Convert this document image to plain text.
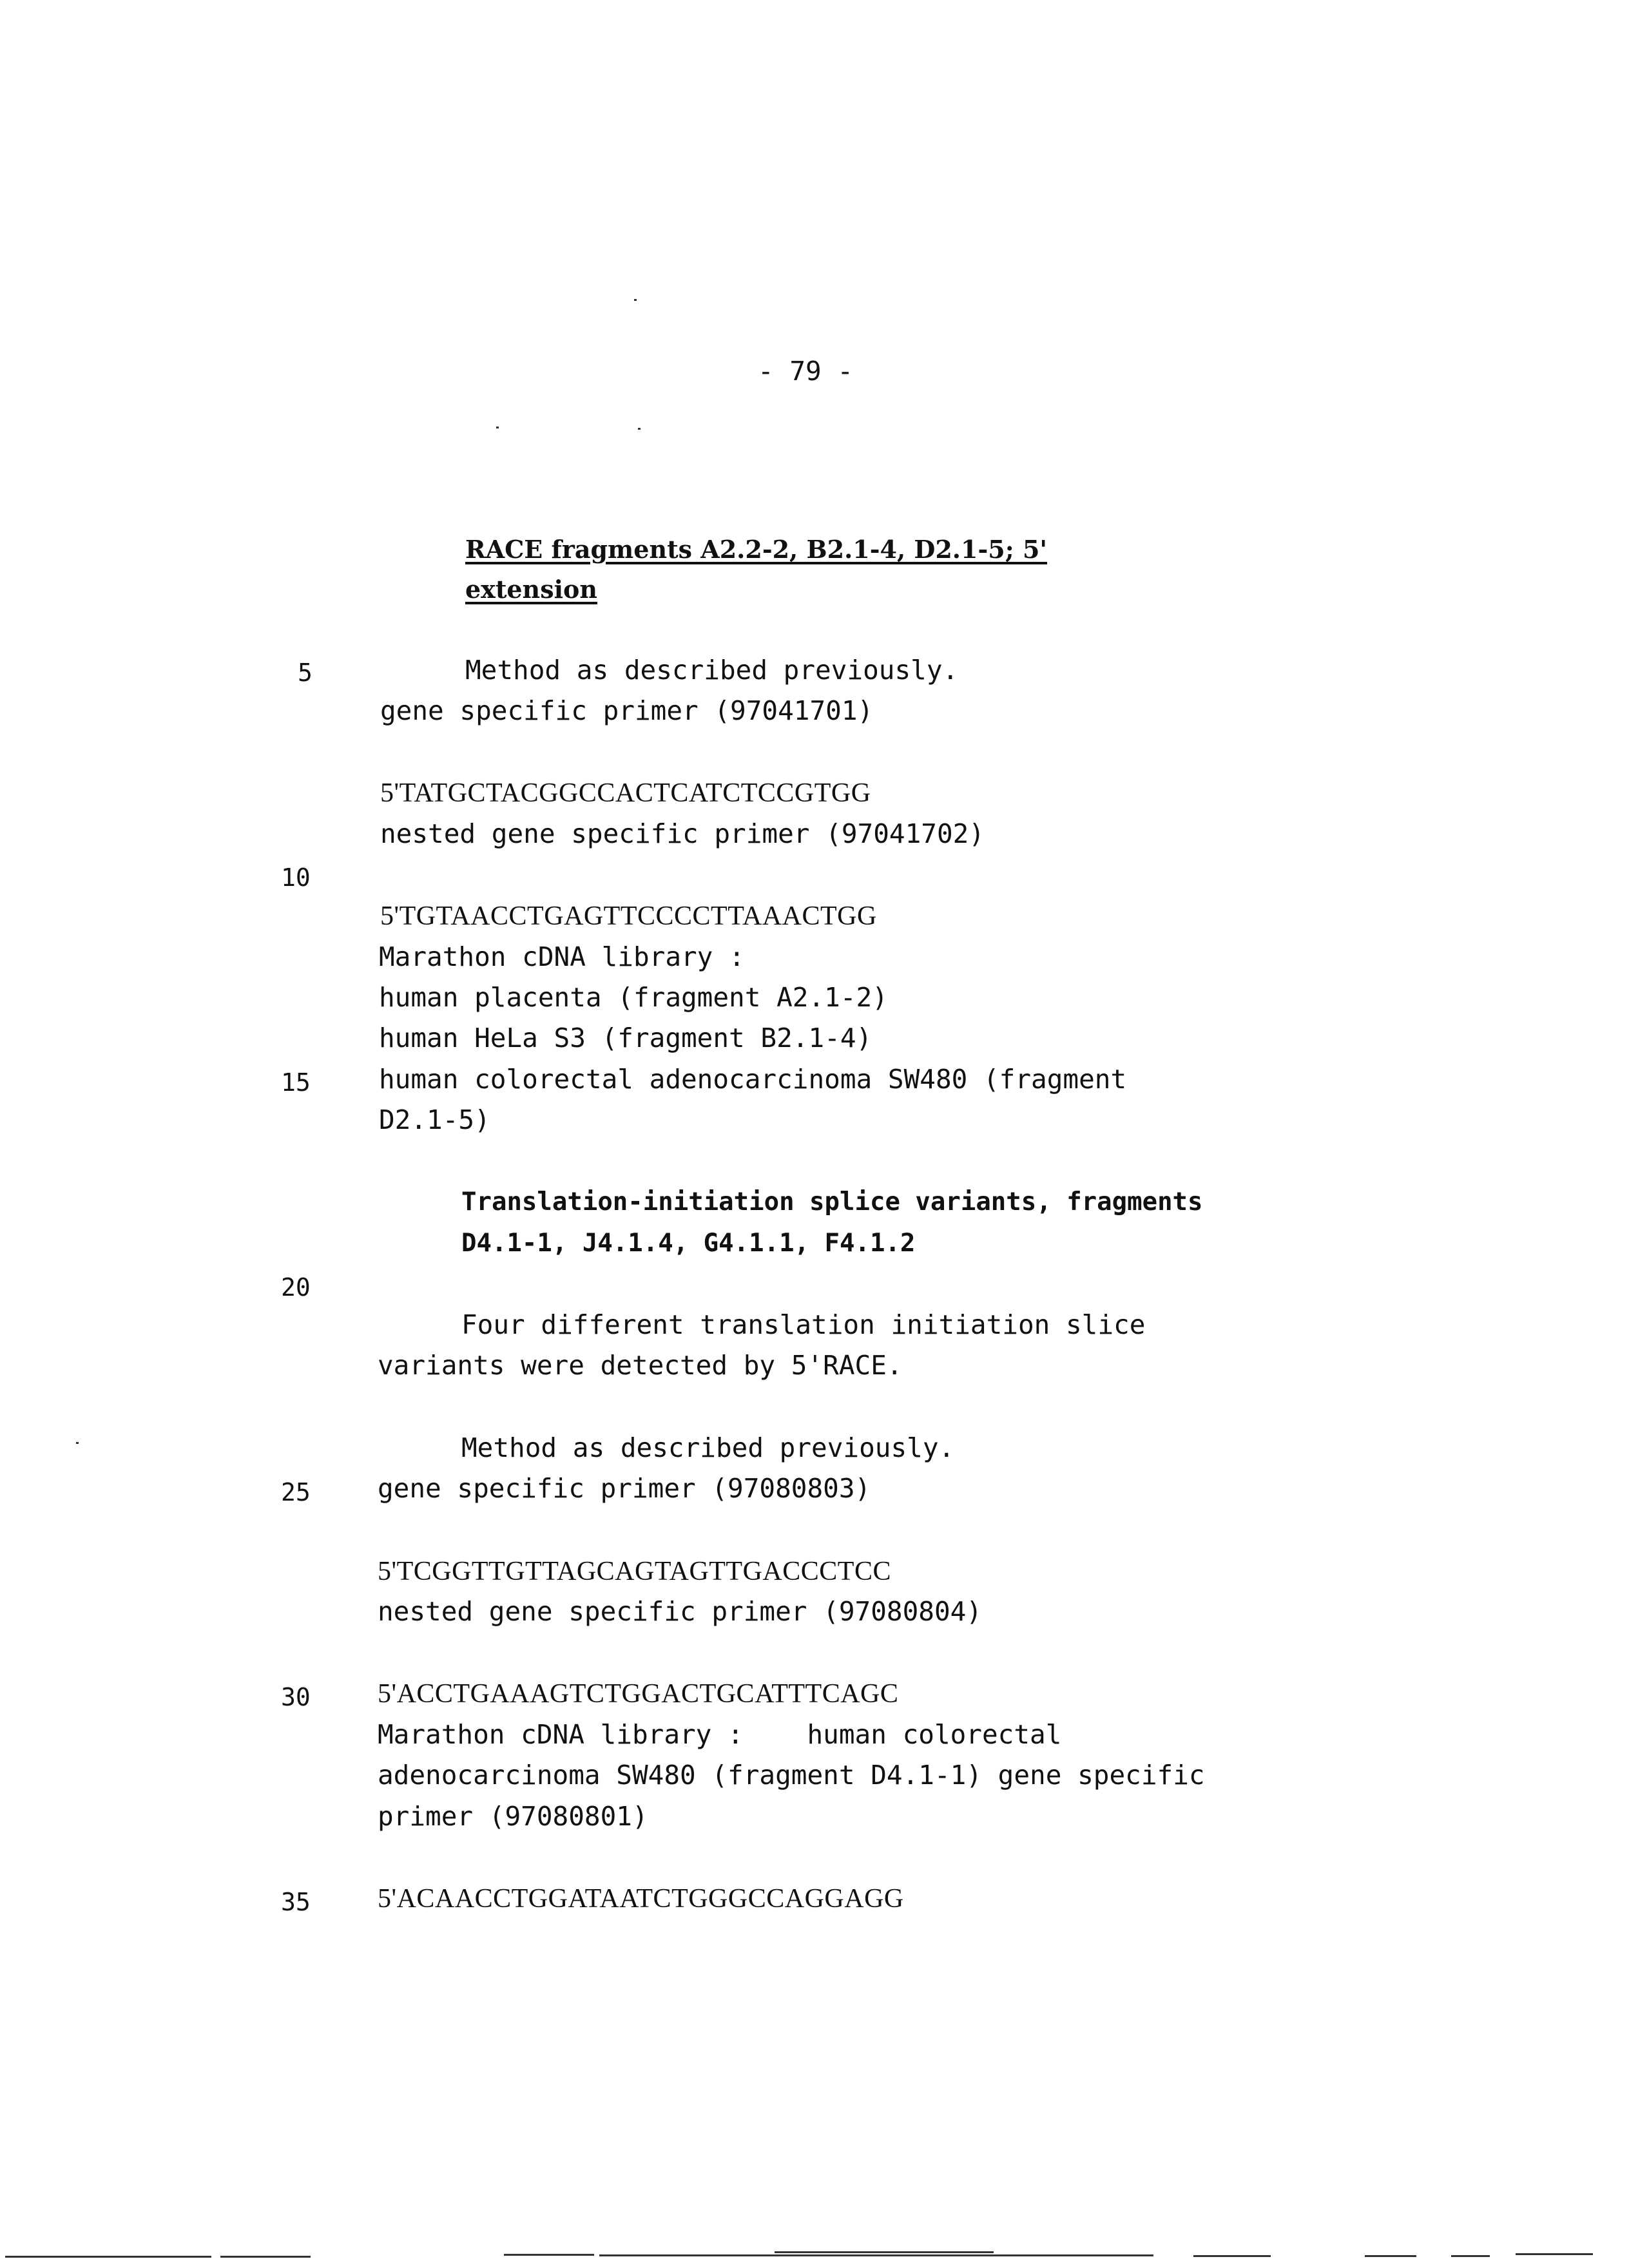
- 79 -
5
10
15
20
25
30
35
RACE fragments A2.2-2, B2.1-4, D2.1-5; 5'
extension
Method as described previously.
gene specific primer (97041701)
5'TATGCTACGGCCACTCATCTCCGTGG
nested gene specific primer (97041702)
5'TGTAACCTGAGTTCCCCTTAAACTGG
Marathon cDNA library :
human placenta (fragment A2.1-2)
human HeLa S3 (fragment B2.1-4)
human colorectal adenocarcinoma SW480 (fragment
D2.1-5)
Translation-initiation splice variants, fragments
D4.1-1, J4.1.4, G4.1.1, F4.1.2
Four different translation initiation slice
variants were detected by 5'RACE.
Method as described previously.
gene specific primer (97080803)
5'TCGGTTGTTAGCAGTAGTTGACCCTCC
nested gene specific primer (97080804)
5'ACCTGAAAGTCTGGACTGCATTTCAGC
Marathon cDNA library :    human colorectal
adenocarcinoma SW480 (fragment D4.1-1) gene specific
primer (97080801)
5'ACAACCTGGATAATCTGGGCCAGGAGG
